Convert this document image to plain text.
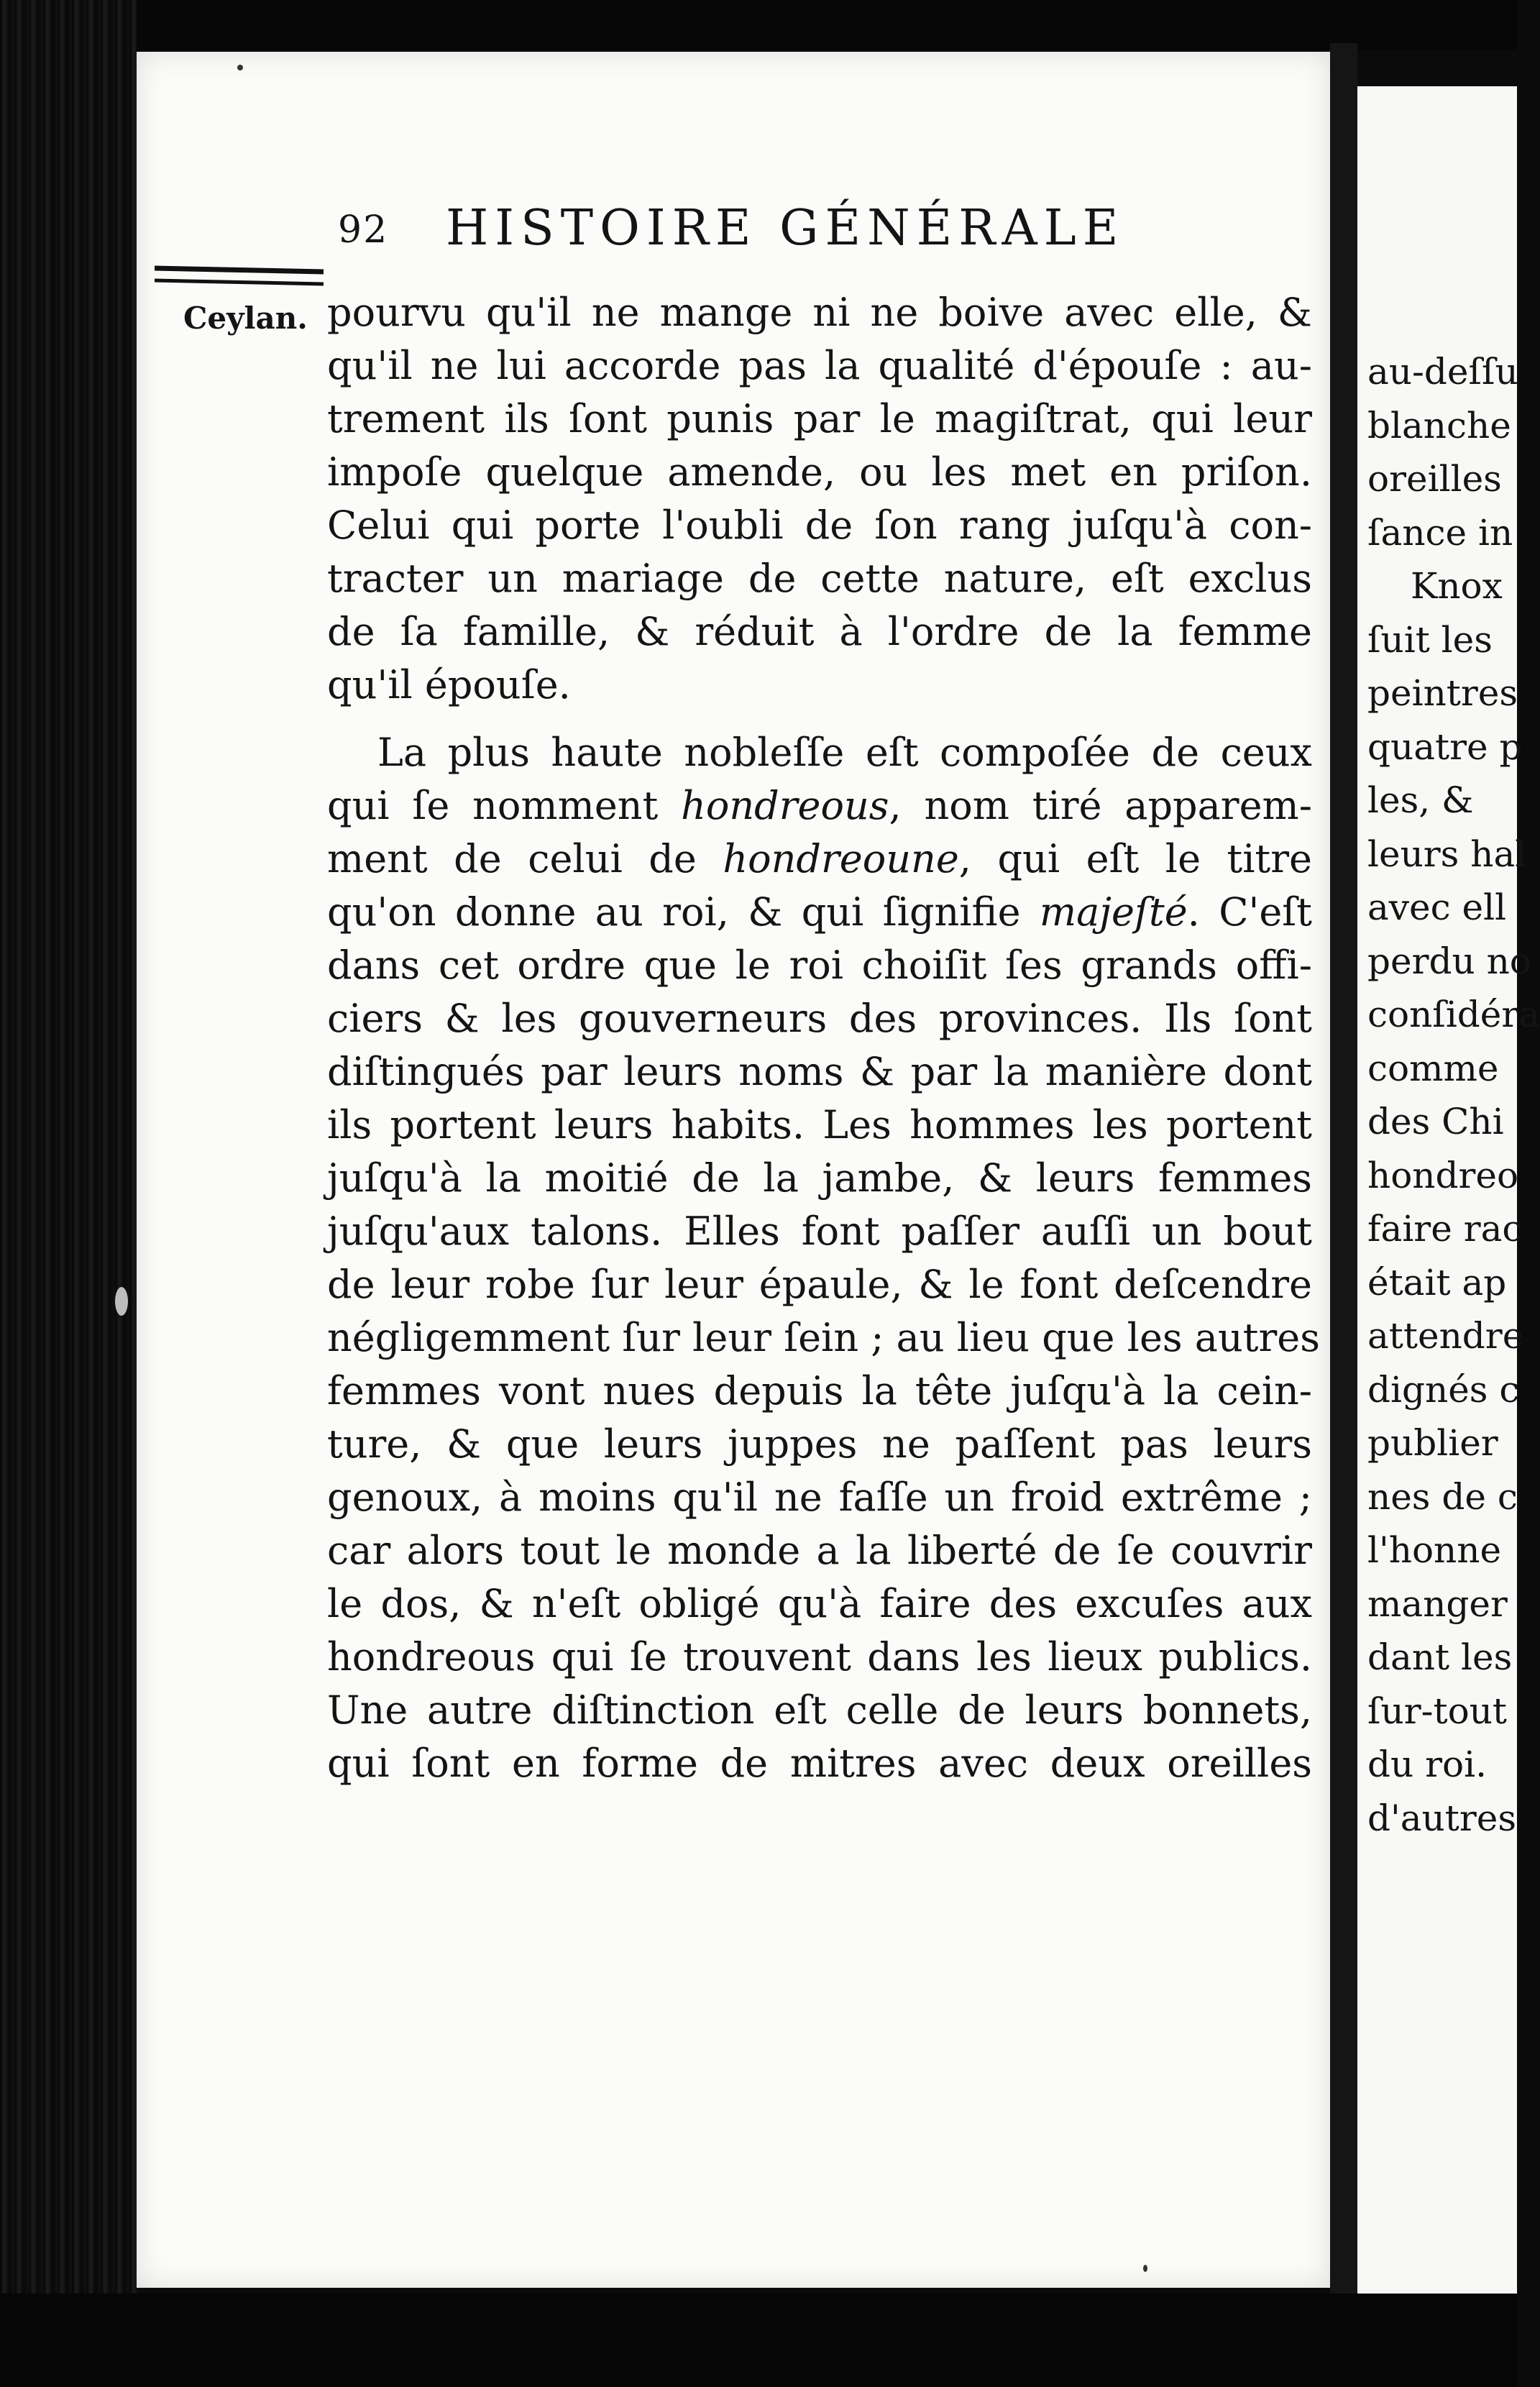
au-deſſu
blanche
oreilles
ſance in
Knox
ſuit les
peintres
quatre p
les, &
leurs hal
avec ell
perdu no
conſidéra
comme
des Chi
hondreo
faire rac
était ap
attendre
dignés c
publier
nes de c
l'honne
manger
dant les
ſur-tout
du roi.
d'autres
92 HISTOIRE GÉNÉRALE
Ceylan. pourvu qu'il ne mange ni ne boive avec elle, &
qu'il ne lui accorde pas la qualité d'épouſe : au-
trement ils ſont punis par le magiſtrat, qui leur
impoſe quelque amende, ou les met en priſon.
Celui qui porte l'oubli de ſon rang juſqu'à con-
tracter un mariage de cette nature, eſt exclus
de ſa famille, & réduit à l'ordre de la femme
qu'il épouſe.
La plus haute nobleſſe eſt compoſée de ceux
qui ſe nomment hondreous, nom tiré apparem-
ment de celui de hondreoune, qui eſt le titre
qu'on donne au roi, & qui ſignifie majeſté. C'eſt
dans cet ordre que le roi choiſit ſes grands offi-
ciers & les gouverneurs des provinces. Ils ſont
diſtingués par leurs noms & par la manière dont
ils portent leurs habits. Les hommes les portent
juſqu'à la moitié de la jambe, & leurs femmes
juſqu'aux talons. Elles font paſſer auſſi un bout
de leur robe ſur leur épaule, & le font deſcendre
négligemment ſur leur ſein ; au lieu que les autres
femmes vont nues depuis la tête juſqu'à la cein-
ture, & que leurs juppes ne paſſent pas leurs
genoux, à moins qu'il ne faſſe un froid extrême ;
car alors tout le monde a la liberté de ſe couvrir
le dos, & n'eſt obligé qu'à faire des excuſes aux
hondreous qui ſe trouvent dans les lieux publics.
Une autre diſtinction eſt celle de leurs bonnets,
qui ſont en forme de mitres avec deux oreilles
